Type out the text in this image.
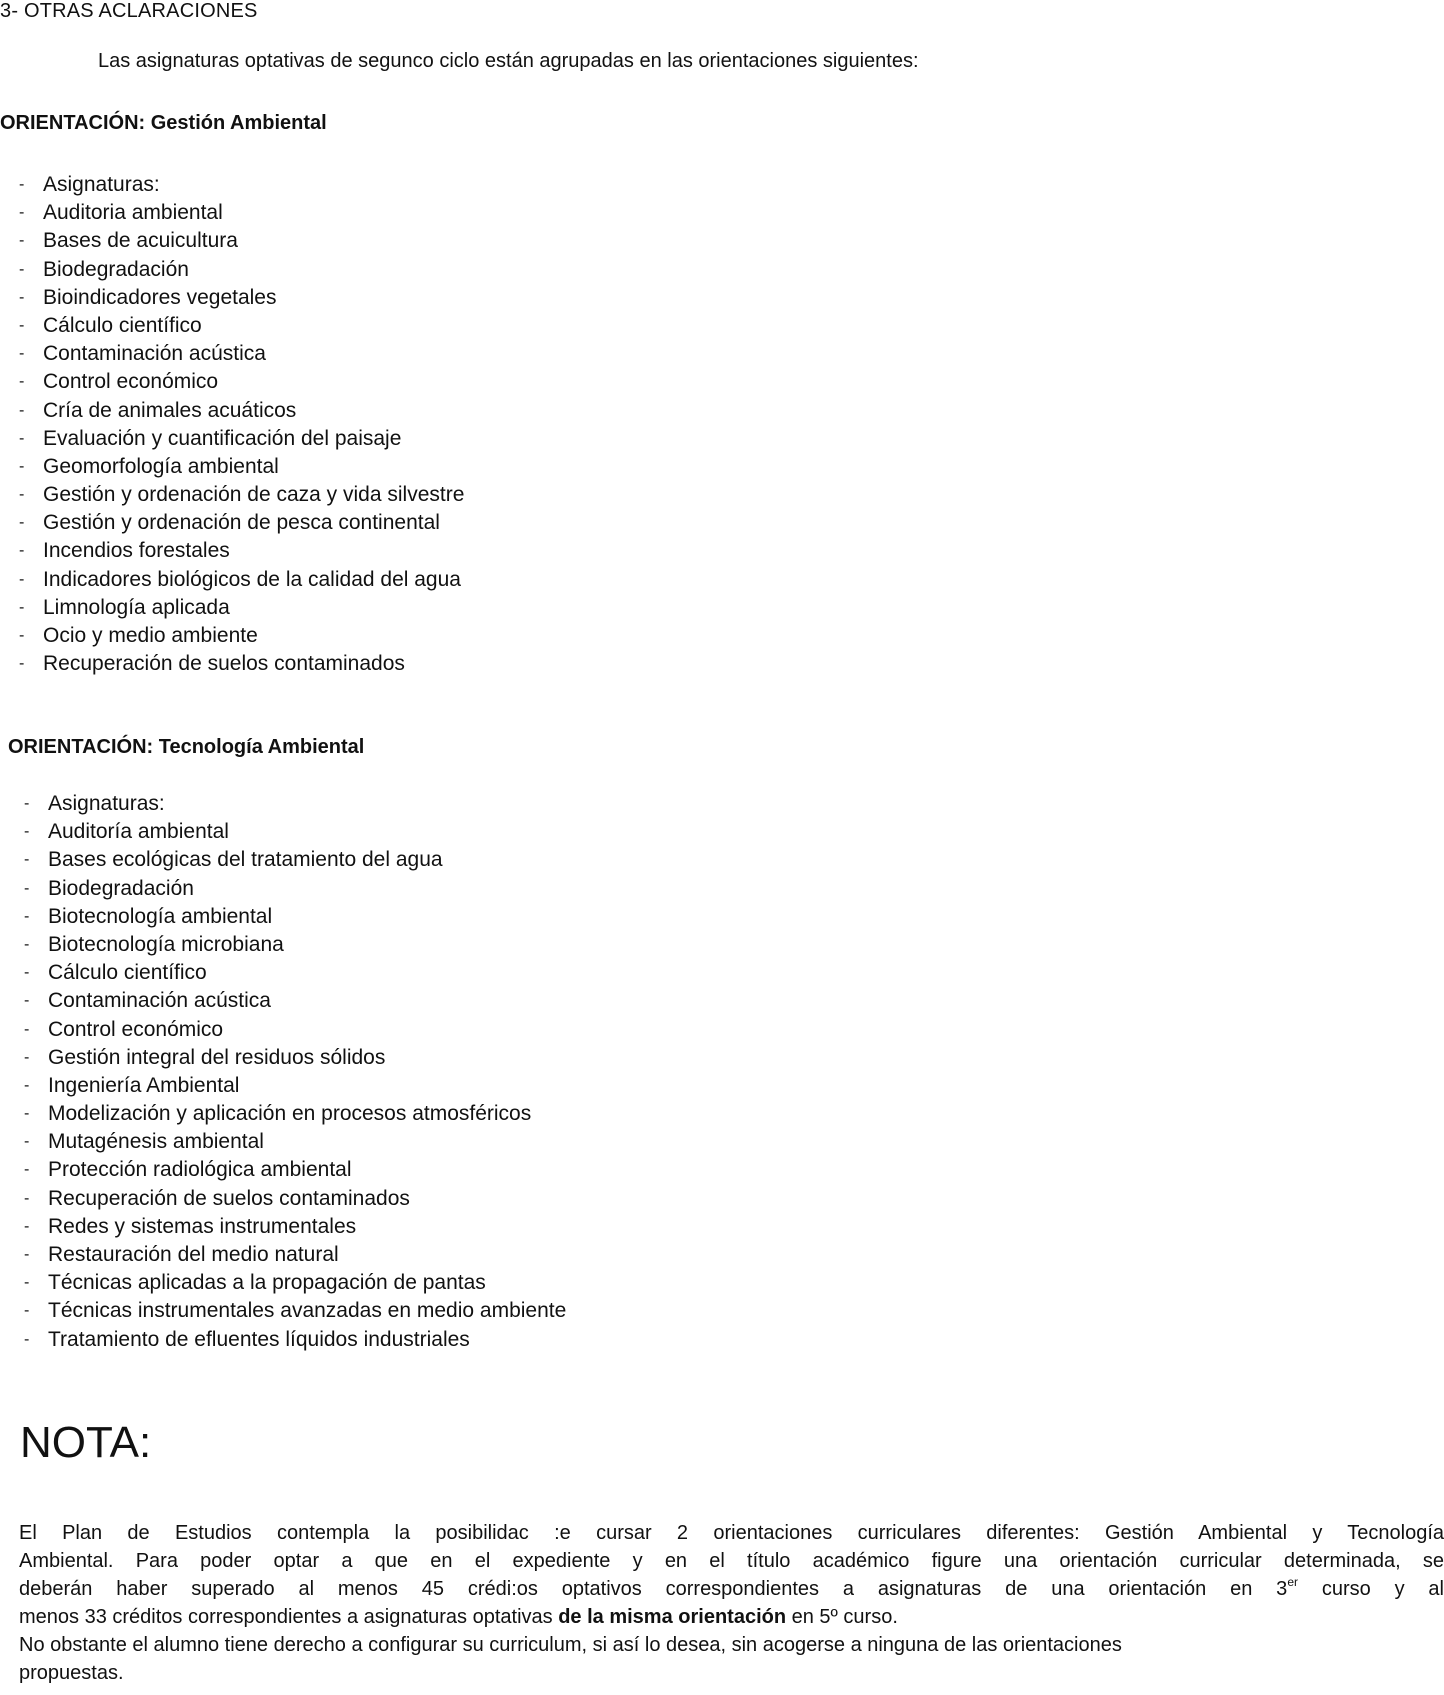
3- OTRAS ACLARACIONES
Las asignaturas optativas de segunco ciclo están agrupadas en las orientaciones siguientes:
ORIENTACIÓN: Gestión Ambiental
- Asignaturas:
- Auditoria ambiental
- Bases de acuicultura
- Biodegradación
- Bioindicadores vegetales
- Cálculo científico
- Contaminación acústica
- Control económico
- Cría de animales acuáticos
- Evaluación y cuantificación del paisaje
- Geomorfología ambiental
- Gestión y ordenación de caza y vida silvestre
- Gestión y ordenación de pesca continental
- Incendios forestales
- Indicadores biológicos de la calidad del agua
- Limnología aplicada
- Ocio y medio ambiente
- Recuperación de suelos contaminados
ORIENTACIÓN: Tecnología Ambiental
- Asignaturas:
- Auditoría ambiental
- Bases ecológicas del tratamiento del agua
- Biodegradación
- Biotecnología ambiental
- Biotecnología microbiana
- Cálculo científico
- Contaminación acústica
- Control económico
- Gestión integral del residuos sólidos
- Ingeniería Ambiental
- Modelización y aplicación en procesos atmosféricos
- Mutagénesis ambiental
- Protección radiológica ambiental
- Recuperación de suelos contaminados
- Redes y sistemas instrumentales
- Restauración del medio natural
- Técnicas aplicadas a la propagación de pantas
- Técnicas instrumentales avanzadas en medio ambiente
- Tratamiento de efluentes líquidos industriales
NOTA:

El Plan de Estudios contempla la posibilidac :e cursar 2 orientaciones curriculares diferentes: Gestión Ambiental y Tecnología

Ambiental. Para poder optar a que en el expediente y en el título académico figure una orientación curricular determinada, se

deberán haber superado al menos 45 crédi:os optativos correspondientes a asignaturas de una orientación en 3er curso y al

menos 33 créditos correspondientes a asignaturas optativas de la misma orientación en 5º curso.

No obstante el alumno tiene derecho a configurar su curriculum, si así lo desea, sin acogerse a ninguna de las orientaciones

propuestas.
